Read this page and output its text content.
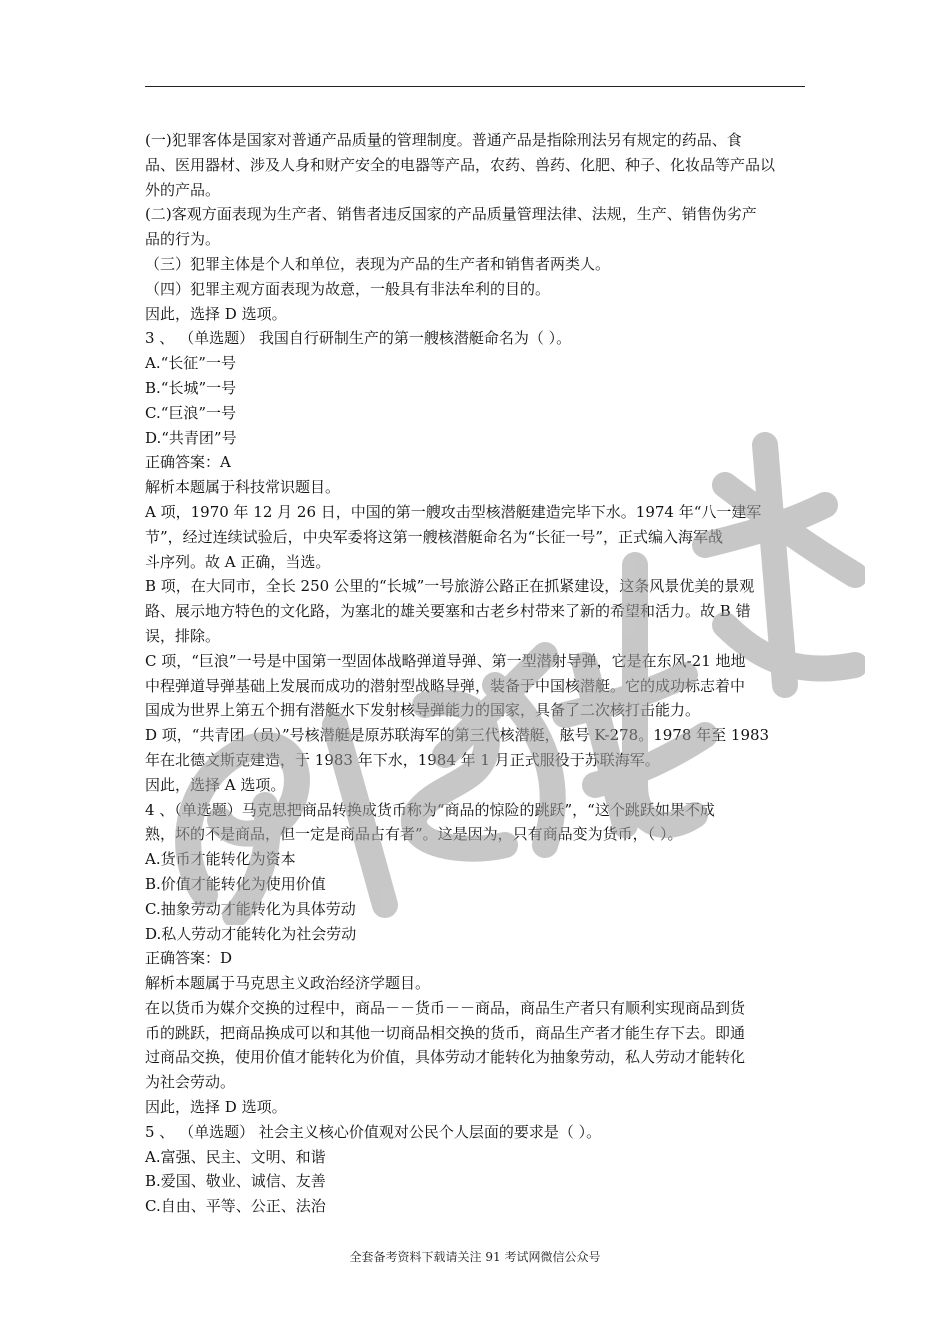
(一)犯罪客体是国家对普通产品质量的管理制度。普通产品是指除刑法另有规定的药品、食
品、医用器材、涉及人身和财产安全的电器等产品，农药、兽药、化肥、种子、化妆品等产品以
外的产品。
(二)客观方面表现为生产者、销售者违反国家的产品质量管理法律、法规，生产、销售伪劣产
品的行为。
（三）犯罪主体是个人和单位，表现为产品的生产者和销售者两类人。
（四）犯罪主观方面表现为故意，一般具有非法牟利的目的。
因此，选择 D 选项。
3 、 （单选题） 我国自行研制生产的第一艘核潜艇命名为（ ）。
A.“长征”一号
B.“长城”一号
C.“巨浪”一号
D.“共青团”号
正确答案：A
解析本题属于科技常识题目。
A 项，1970 年 12 月 26 日，中国的第一艘攻击型核潜艇建造完毕下水。1974 年“八一建军
节”，经过连续试验后，中央军委将这第一艘核潜艇命名为“长征一号”，正式编入海军战
斗序列。故 A 正确，当选。
B 项，在大同市，全长 250 公里的“长城”一号旅游公路正在抓紧建设，这条风景优美的景观
路、展示地方特色的文化路，为塞北的雄关要塞和古老乡村带来了新的希望和活力。故 B 错
误，排除。
C 项，“巨浪”一号是中国第一型固体战略弹道导弹、第一型潜射导弹，它是在东风-21 地地
中程弹道导弹基础上发展而成功的潜射型战略导弹，装备于中国核潜艇。它的成功标志着中
国成为世界上第五个拥有潜艇水下发射核导弹能力的国家，具备了二次核打击能力。
D 项，“共青团（员）”号核潜艇是原苏联海军的第三代核潜艇，舷号 K-278。1978 年至 1983
年在北德文斯克建造，于 1983 年下水，1984 年 1 月正式服役于苏联海军。
因此，选择 A 选项。
4 、（单选题）马克思把商品转换成货币称为“商品的惊险的跳跃”，“这个跳跃如果不成
熟，坏的不是商品，但一定是商品占有者”。这是因为，只有商品变为货币，（ ）。
A.货币才能转化为资本
B.价值才能转化为使用价值
C.抽象劳动才能转化为具体劳动
D.私人劳动才能转化为社会劳动
正确答案：D
解析本题属于马克思主义政治经济学题目。
在以货币为媒介交换的过程中，商品－－货币－－商品，商品生产者只有顺利实现商品到货
币的跳跃，把商品换成可以和其他一切商品相交换的货币，商品生产者才能生存下去。即通
过商品交换，使用价值才能转化为价值，具体劳动才能转化为抽象劳动，私人劳动才能转化
为社会劳动。
因此，选择 D 选项。
5 、 （单选题） 社会主义核心价值观对公民个人层面的要求是（ ）。
A.富强、民主、文明、和谐
B.爱国、敬业、诚信、友善
C.自由、平等、公正、法治
全套备考资料下载请关注 91 考试网微信公众号
